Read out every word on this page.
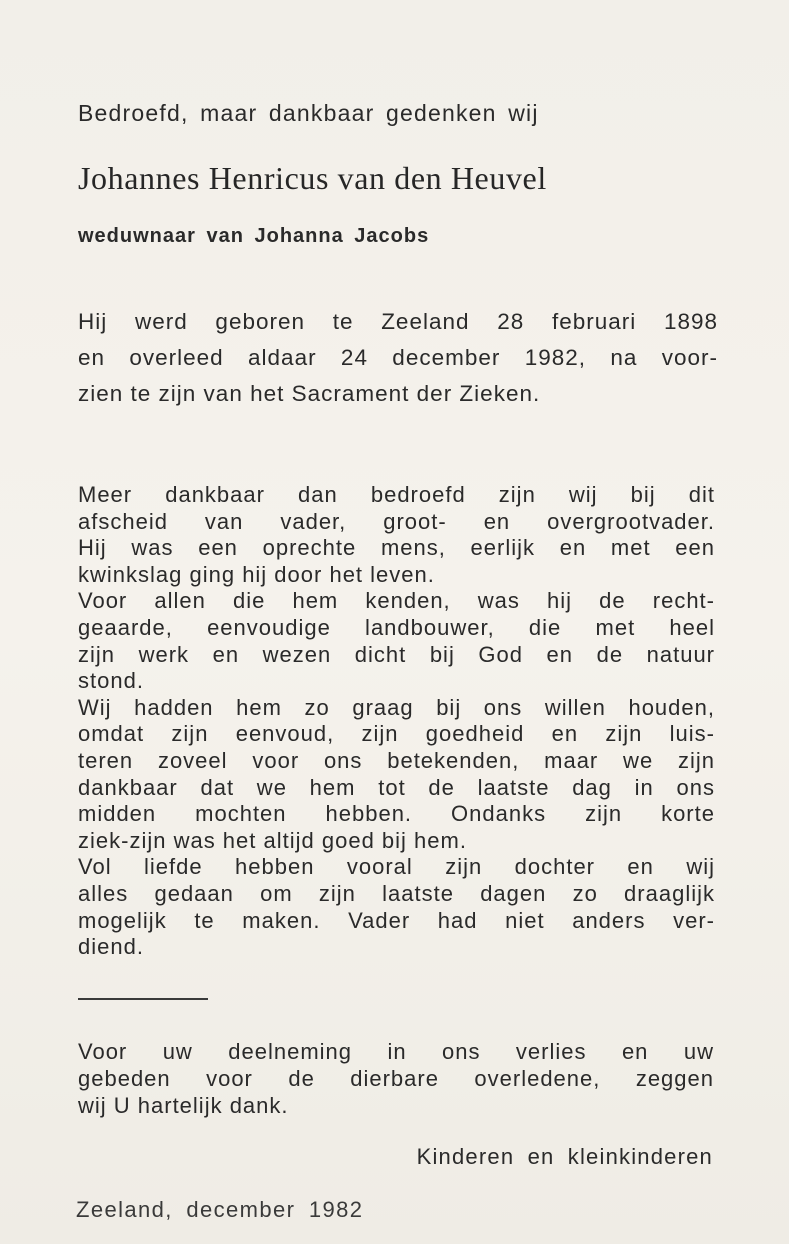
Bedroefd, maar dankbaar gedenken wij
Johannes Henricus van den Heuvel
weduwnaar van Johanna Jacobs
Hij werd geboren te Zeeland 28 februari 1898
en overleed aldaar 24 december 1982, na voor-
zien te zijn van het Sacrament der Zieken.
Meer dankbaar dan bedroefd zijn wij bij dit
afscheid van vader, groot- en overgrootvader.
Hij was een oprechte mens, eerlijk en met een
kwinkslag ging hij door het leven.
Voor allen die hem kenden, was hij de recht-
geaarde, eenvoudige landbouwer, die met heel
zijn werk en wezen dicht bij God en de natuur
stond.
Wij hadden hem zo graag bij ons willen houden,
omdat zijn eenvoud, zijn goedheid en zijn luis-
teren zoveel voor ons betekenden, maar we zijn
dankbaar dat we hem tot de laatste dag in ons
midden mochten hebben. Ondanks zijn korte
ziek-zijn was het altijd goed bij hem.
Vol liefde hebben vooral zijn dochter en wij
alles gedaan om zijn laatste dagen zo draaglijk
mogelijk te maken. Vader had niet anders ver-
diend.
Voor uw deelneming in ons verlies en uw
gebeden voor de dierbare overledene, zeggen
wij U hartelijk dank.
Kinderen en kleinkinderen
Zeeland, december 1982
